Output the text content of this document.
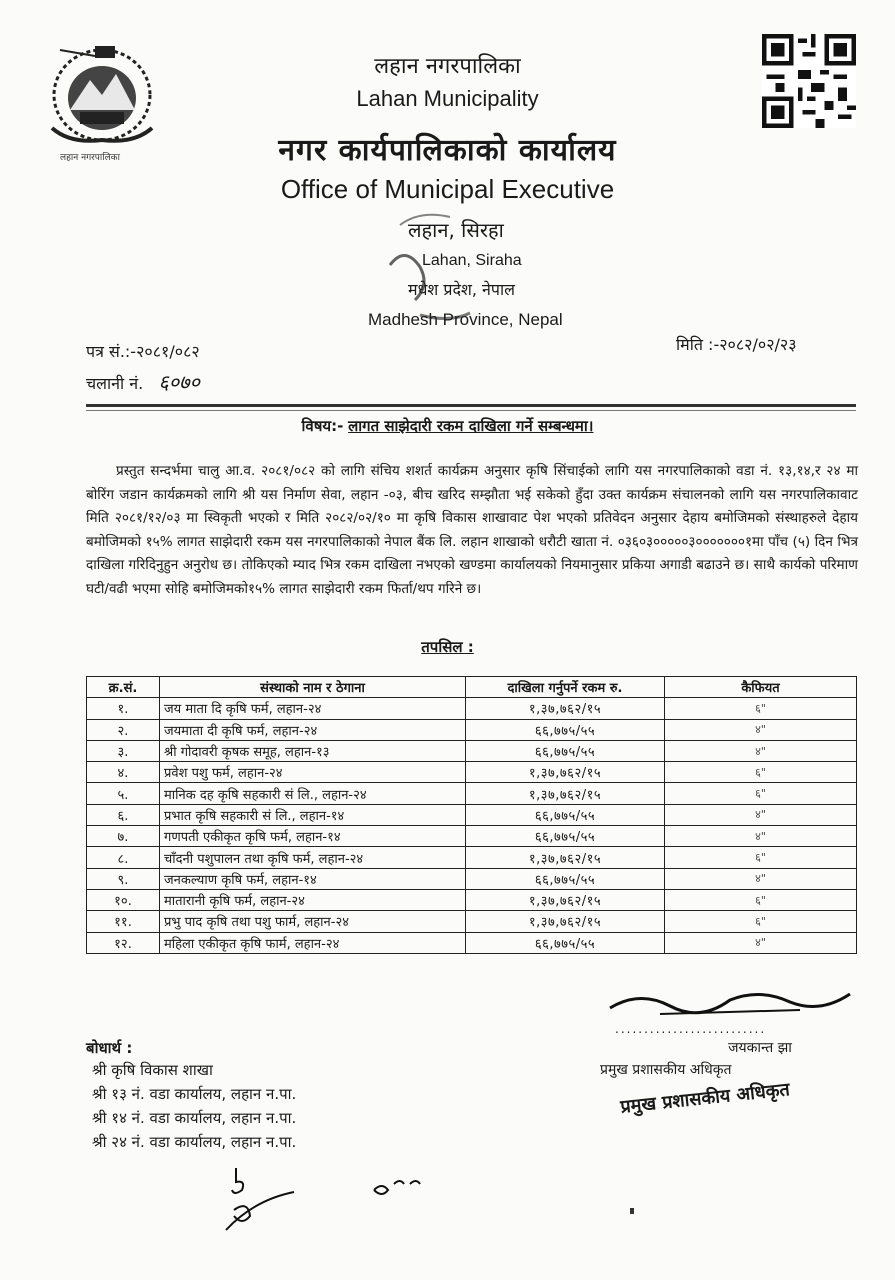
लहान नगरपालिका
लहान नगरपालिका
Lahan Municipality
नगर कार्यपालिकाको कार्यालय
Office of Municipal Executive
लहान, सिरहा
Lahan, Siraha
मधेश प्रदेश, नेपाल
Madhesh Province, Nepal
पत्र सं.:-२०८१/०८२
चलानी नं. ६०७०
मिति :-२०८२/०२/२३
विषय:- लागत साझेदारी रकम दाखिला गर्ने सम्बन्धमा।
प्रस्तुत सन्दर्भमा चालु आ.व. २०८१/०८२ को लागि संचिय शशर्त कार्यक्रम अनुसार कृषि सिंचाईको लागि यस नगरपालिकाको वडा नं. १३,१४,र २४ मा बोरिंग जडान कार्यक्रमको लागि श्री यस निर्माण सेवा, लहान -०३, बीच खरिद सम्झौता भई सकेको हुँदा उक्त कार्यक्रम संचालनको लागि यस नगरपालिकावाट मिति २०८१/१२/०३ मा स्विकृती भएको र मिति २०८२/०२/१० मा कृषि विकास शाखावाट पेश भएको प्रतिवेदन अनुसार देहाय बमोजिमको संस्थाहरुले देहाय बमोजिमको १५% लागत साझेदारी रकम यस नगरपालिकाको नेपाल बैंक लि. लहान शाखाको धरौटी खाता नं. ०३६०३०००००३०००००००१मा पाँच (५) दिन भित्र दाखिला गरिदिनुहुन अनुरोध छ। तोकिएको म्याद भित्र रकम दाखिला नभएको खण्डमा कार्यालयको नियमानुसार प्रकिया अगाडी बढाउने छ। साथै कार्यको परिमाण घटी/वढी भएमा सोहि बमोजिमको१५% लागत साझेदारी रकम फिर्ता/थप गरिने छ।
तपसिल :
क्र.सं.	संस्थाको नाम र ठेगाना	दाखिला गर्नुपर्ने रकम रु.	कैफियत
१.	जय माता दि कृषि फर्म, लहान-२४	१,३७,७६२/१५	६"
२.	जयमाता दी कृषि फर्म, लहान-२४	६६,७७५/५५	४"
३.	श्री गोदावरी कृषक समूह, लहान-१३	६६,७७५/५५	४"
४.	प्रवेश पशु फर्म, लहान-२४	१,३७,७६२/१५	६"
५.	मानिक दह कृषि सहकारी सं लि., लहान-२४	१,३७,७६२/१५	६"
६.	प्रभात कृषि सहकारी सं लि., लहान-१४	६६,७७५/५५	४"
७.	गणपती एकीकृत कृषि फर्म, लहान-१४	६६,७७५/५५	४"
८.	चाँदनी पशुपालन तथा कृषि फर्म, लहान-२४	१,३७,७६२/१५	६"
९.	जनकल्याण कृषि फर्म, लहान-१४	६६,७७५/५५	४"
१०.	मातारानी कृषि फर्म, लहान-२४	१,३७,७६२/१५	६"
११.	प्रभु पाद कृषि तथा पशु फार्म, लहान-२४	१,३७,७६२/१५	६"
१२.	महिला एकीकृत कृषि फार्म, लहान-२४	६६,७७५/५५	४"
..........................
जयकान्त झा
प्रमुख प्रशासकीय अधिकृत
प्रमुख प्रशासकीय अधिकृत
बोधार्थ :
श्री कृषि विकास शाखा
श्री १३ नं. वडा कार्यालय, लहान न.पा.
श्री १४ नं. वडा कार्यालय, लहान न.पा.
श्री २४ नं. वडा कार्यालय, लहान न.पा.
